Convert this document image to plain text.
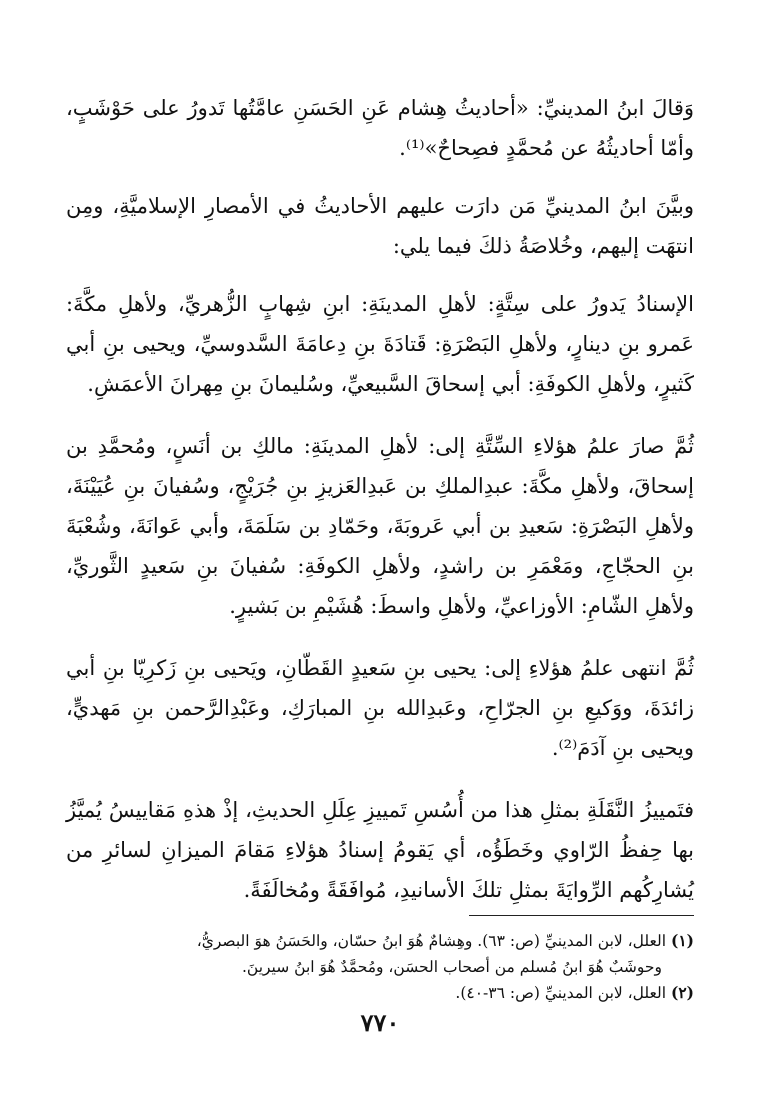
وَقالَ ابنُ المدينيِّ: «أحاديثُ هِشام عَنِ الحَسَنِ عامَّتُها تَدورُ على حَوْشَبٍ، وأمّا أحاديثُهُ عن مُحمَّدٍ فصِحاحٌ»⁽¹⁾.

وبيَّنَ ابنُ المدينيِّ مَن دارَت عليهم الأحاديثُ في الأمصارِ الإسلاميَّةِ، ومِن انتهَت إليهم، وخُلاصَةُ ذلكَ فيما يلي:

الإسنادُ يَدورُ على سِتَّةٍ: لأهلِ المدينَةِ: ابنِ شِهابٍ الزُّهريِّ، ولأهلِ مكَّةَ: عَمرو بنِ دينارٍ، ولأهلِ البَصْرَةِ: قَتادَةَ بنِ دِعامَةَ السَّدوسيِّ، ويحيى بنِ أبي كَثيرٍ، ولأهلِ الكوفَةِ: أبي إسحاقَ السَّبيعيِّ، وسُليمانَ بنِ مِهرانَ الأعمَشِ.

ثُمَّ صارَ علمُ هؤلاءِ السِّتَّةِ إلى: لأهلِ المدينَةِ: مالكِ بن أنَسٍ، ومُحمَّدِ بن إسحاقَ، ولأهلِ مكَّةَ: عبدِالملكِ بن عَبدِالعَزيزِ بنِ جُرَيْجٍ، وسُفيانَ بنِ عُيَيْنَةَ، ولأهلِ البَصْرَةِ: سَعيدِ بن أبي عَروبَةَ، وحَمّادِ بن سَلَمَةَ، وأبي عَوانَةَ، وشُعْبَةَ بنِ الحجّاجِ، ومَعْمَرِ بن راشدٍ، ولأهلِ الكوفَةِ: سُفيانَ بنِ سَعيدٍ الثَّوريِّ، ولأهلِ الشّامِ: الأوزاعيِّ، ولأهلِ واسطَ: هُشَيْمِ بن بَشيرٍ.

ثُمَّ انتهى علمُ هؤلاءِ إلى: يحيى بنِ سَعيدٍ القَطّانِ، ويَحيى بنِ زَكرِيّا بنِ أبي زائدَةَ، ووَكيعِ بنِ الجرّاحِ، وعَبدِالله بنِ المبارَكِ، وعَبْدِالرَّحمن بنِ مَهديٍّ، ويحيى بنِ آدَمَ⁽²⁾.

فتَمييزُ النَّقَلَةِ بمثلِ هذا من أُسُسِ تَمييزِ عِلَلِ الحديثِ، إذْ هذهِ مَقاييسُ يُميَّزُ بها حِفظُ الرّاوي وخَطَؤُه، أي يَقومُ إسنادُ هؤلاءِ مَقامَ الميزانِ لسائرِ من يُشارِكُهم الرِّوايَةَ بمثلِ تلكَ الأسانيدِ، مُوافَقَةً ومُخالَفَةً.

(١) العلل، لابن المدينيِّ (ص: ٦٣). وهِشامٌ هُوَ ابنُ حسّان، والحَسَنُ هوَ البصريُّ،

وحوشَبٌ هُوَ ابنُ مُسلم من أصحاب الحسَن، ومُحمَّدٌ هُوَ ابنُ سيرينَ.

(٢) العلل، لابن المدينيِّ (ص: ٣٦-٤٠).

٧٧٠
